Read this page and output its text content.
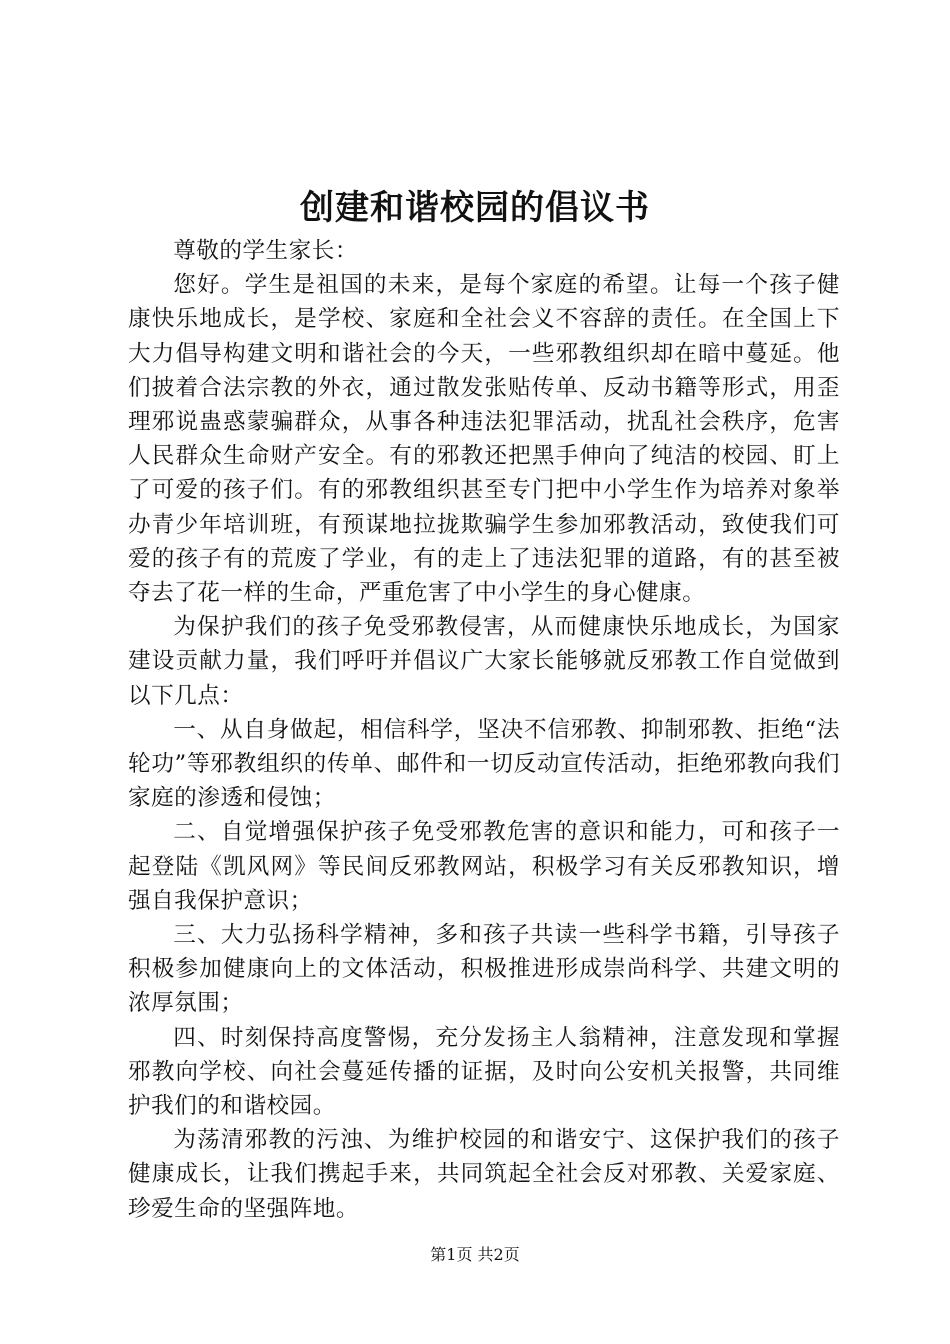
创建和谐校园的倡议书

尊敬的学生家长：

您好。学生是祖国的未来，是每个家庭的希望。让每一个孩子健康快乐地成长，是学校、家庭和全社会义不容辞的责任。在全国上下大力倡导构建文明和谐社会的今天，一些邪教组织却在暗中蔓延。他们披着合法宗教的外衣，通过散发张贴传单、反动书籍等形式，用歪理邪说蛊惑蒙骗群众，从事各种违法犯罪活动，扰乱社会秩序，危害人民群众生命财产安全。有的邪教还把黑手伸向了纯洁的校园、盯上了可爱的孩子们。有的邪教组织甚至专门把中小学生作为培养对象举办青少年培训班，有预谋地拉拢欺骗学生参加邪教活动，致使我们可爱的孩子有的荒废了学业，有的走上了违法犯罪的道路，有的甚至被夺去了花一样的生命，严重危害了中小学生的身心健康。

为保护我们的孩子免受邪教侵害，从而健康快乐地成长，为国家建设贡献力量，我们呼吁并倡议广大家长能够就反邪教工作自觉做到以下几点：

一、从自身做起，相信科学，坚决不信邪教、抑制邪教、拒绝“法轮功”等邪教组织的传单、邮件和一切反动宣传活动，拒绝邪教向我们家庭的渗透和侵蚀；

二、自觉增强保护孩子免受邪教危害的意识和能力，可和孩子一起登陆《凯风网》等民间反邪教网站，积极学习有关反邪教知识，增强自我保护意识；

三、大力弘扬科学精神，多和孩子共读一些科学书籍，引导孩子积极参加健康向上的文体活动，积极推进形成崇尚科学、共建文明的浓厚氛围；

四、时刻保持高度警惕，充分发扬主人翁精神，注意发现和掌握邪教向学校、向社会蔓延传播的证据，及时向公安机关报警，共同维护我们的和谐校园。

为荡清邪教的污浊、为维护校园的和谐安宁、这保护我们的孩子健康成长，让我们携起手来，共同筑起全社会反对邪教、关爱家庭、珍爱生命的坚强阵地。

第1页 共2页
